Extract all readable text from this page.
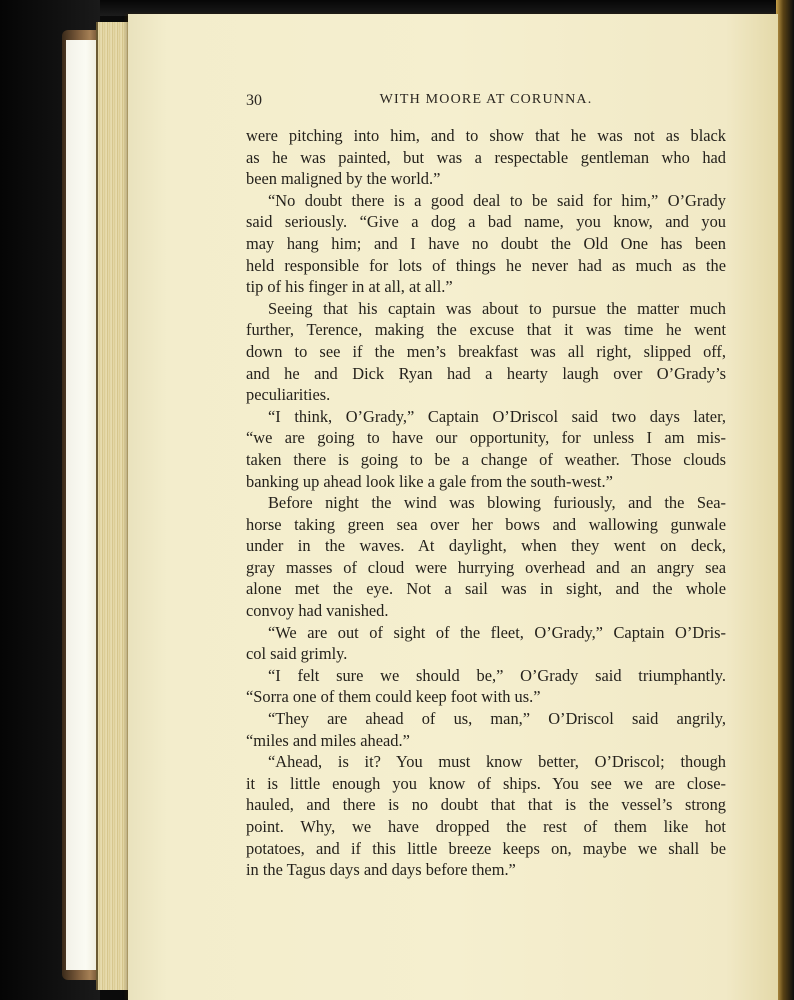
30	WITH MOORE AT CORUNNA.
were pitching into him, and to show that he was not as black
as he was painted, but was a respectable gentleman who had
been maligned by the world.”
“No doubt there is a good deal to be said for him,” O’Grady
said seriously. “Give a dog a bad name, you know, and you
may hang him; and I have no doubt the Old One has been
held responsible for lots of things he never had as much as the
tip of his finger in at all, at all.”
Seeing that his captain was about to pursue the matter much
further, Terence, making the excuse that it was time he went
down to see if the men’s breakfast was all right, slipped off,
and he and Dick Ryan had a hearty laugh over O’Grady’s
peculiarities.
“I think, O’Grady,” Captain O’Driscol said two days later,
“we are going to have our opportunity, for unless I am mis-
taken there is going to be a change of weather. Those clouds
banking up ahead look like a gale from the south-west.”
Before night the wind was blowing furiously, and the Sea-
horse taking green sea over her bows and wallowing gunwale
under in the waves. At daylight, when they went on deck,
gray masses of cloud were hurrying overhead and an angry sea
alone met the eye. Not a sail was in sight, and the whole
convoy had vanished.
“We are out of sight of the fleet, O’Grady,” Captain O’Dris-
col said grimly.
“I felt sure we should be,” O’Grady said triumphantly.
“Sorra one of them could keep foot with us.”
“They are ahead of us, man,” O’Driscol said angrily,
“miles and miles ahead.”
“Ahead, is it? You must know better, O’Driscol; though
it is little enough you know of ships. You see we are close-
hauled, and there is no doubt that that is the vessel’s strong
point. Why, we have dropped the rest of them like hot
potatoes, and if this little breeze keeps on, maybe we shall be
in the Tagus days and days before them.”
